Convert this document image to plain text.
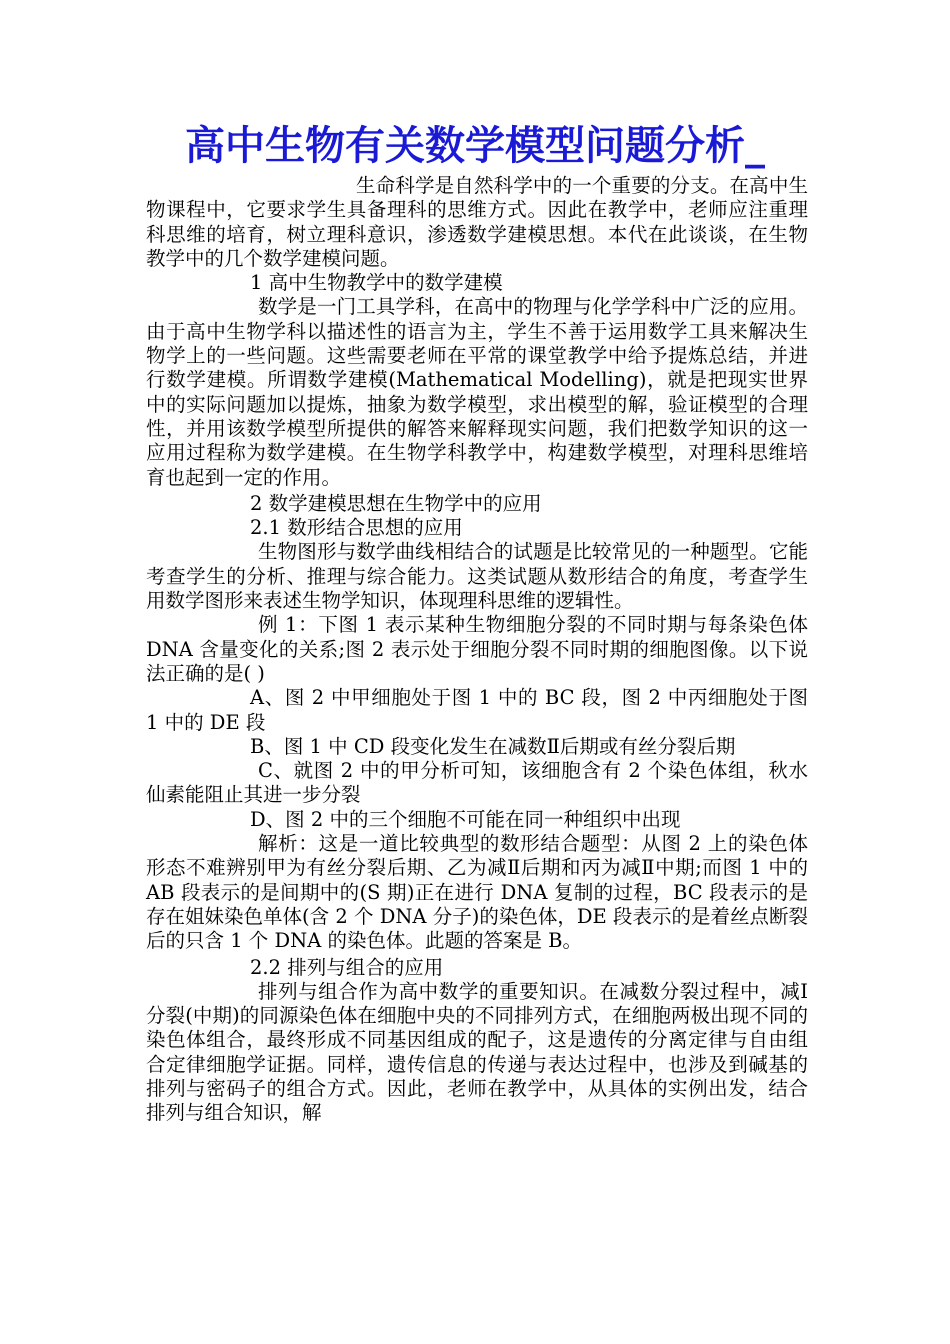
高中生物有关数学模型问题分析_

生命科学是自然科学中的一个重要的分支。在高中生物课程中，它要求学生具备理科的思维方式。因此在教学中，老师应注重理科思维的培育，树立理科意识，渗透数学建模思想。本代在此谈谈，在生物教学中的几个数学建模问题。

1 高中生物教学中的数学建模

数学是一门工具学科，在高中的物理与化学学科中广泛的应用。由于高中生物学科以描述性的语言为主，学生不善于运用数学工具来解决生物学上的一些问题。这些需要老师在平常的课堂教学中给予提炼总结，并进行数学建模。所谓数学建模(Mathematical Modelling)，就是把现实世界中的实际问题加以提炼，抽象为数学模型，求出模型的解，验证模型的合理性，并用该数学模型所提供的解答来解释现实问题，我们把数学知识的这一应用过程称为数学建模。在生物学科教学中，构建数学模型，对理科思维培育也起到一定的作用。

2 数学建模思想在生物学中的应用

2.1 数形结合思想的应用

生物图形与数学曲线相结合的试题是比较常见的一种题型。它能考查学生的分析、推理与综合能力。这类试题从数形结合的角度，考查学生用数学图形来表述生物学知识，体现理科思维的逻辑性。

例 1：下图 1 表示某种生物细胞分裂的不同时期与每条染色体 DNA 含量变化的关系;图 2 表示处于细胞分裂不同时期的细胞图像。以下说法正确的是( )

A、图 2 中甲细胞处于图 1 中的 BC 段，图 2 中丙细胞处于图 1 中的 DE 段

B、图 1 中 CD 段变化发生在减数Ⅱ后期或有丝分裂后期

C、就图 2 中的甲分析可知，该细胞含有 2 个染色体组，秋水仙素能阻止其进一步分裂

D、图 2 中的三个细胞不可能在同一种组织中出现

解析：这是一道比较典型的数形结合题型：从图 2 上的染色体形态不难辨别甲为有丝分裂后期、乙为减Ⅱ后期和丙为减Ⅱ中期;而图 1 中的 AB 段表示的是间期中的(S 期)正在进行 DNA 复制的过程，BC 段表示的是存在姐妹染色单体(含 2 个 DNA 分子)的染色体，DE 段表示的是着丝点断裂后的只含 1 个 DNA 的染色体。此题的答案是 B。

2.2 排列与组合的应用

排列与组合作为高中数学的重要知识。在减数分裂过程中，减Ⅰ分裂(中期)的同源染色体在细胞中央的不同排列方式，在细胞两极出现不同的染色体组合，最终形成不同基因组成的配子，这是遗传的分离定律与自由组合定律细胞学证据。同样，遗传信息的传递与表达过程中，也涉及到碱基的排列与密码子的组合方式。因此，老师在教学中，从具体的实例出发，结合排列与组合知识，解
